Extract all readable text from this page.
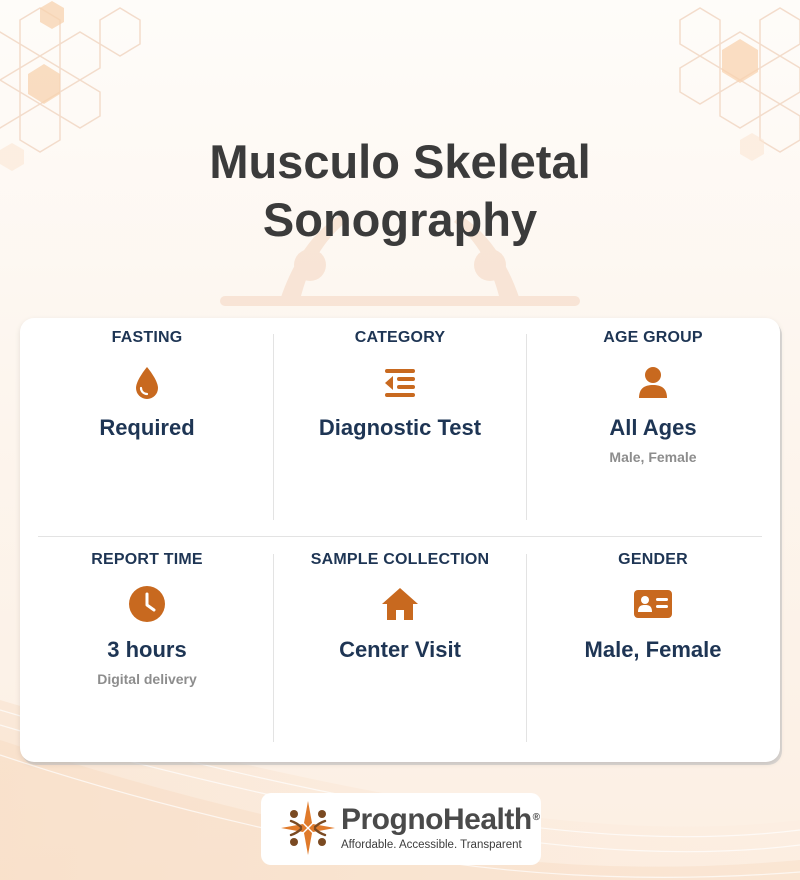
Musculo Skeletal
Sonography
FASTING
Required
CATEGORY
Diagnostic Test
AGE GROUP
All Ages
Male, Female
REPORT TIME
3 hours
Digital delivery
SAMPLE COLLECTION
Center Visit
GENDER
Male, Female
PrognoHealth®
Affordable. Accessible. Transparent
